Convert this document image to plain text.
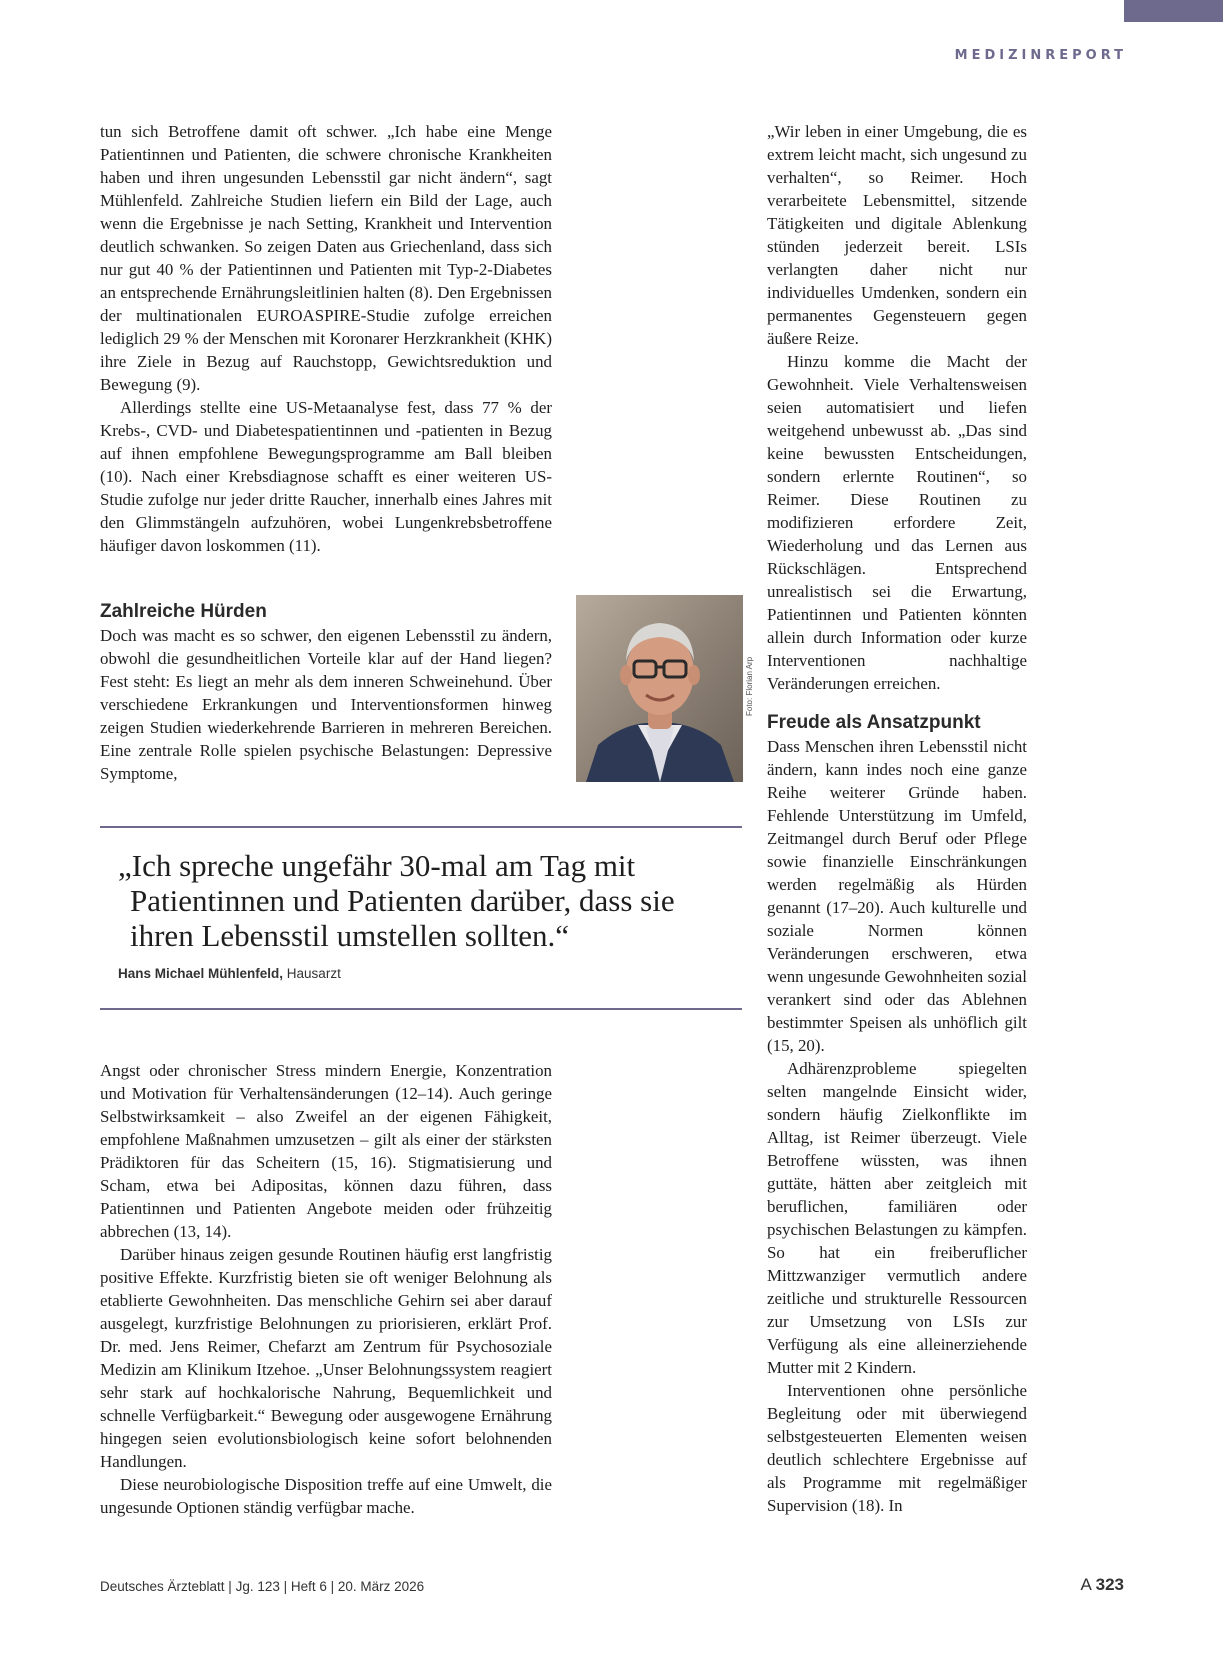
MEDIZINREPORT

tun sich Betroffene damit oft schwer. „Ich habe eine Menge Patientinnen und Patienten, die schwere chronische Krankheiten haben und ihren ungesunden Lebensstil gar nicht ändern“, sagt Mühlenfeld. Zahlreiche Studien liefern ein Bild der Lage, auch wenn die Ergebnisse je nach Setting, Krankheit und Intervention deutlich schwanken. So zeigen Daten aus Griechenland, dass sich nur gut 40 % der Patientinnen und Patienten mit Typ-2-Diabetes an entsprechende Ernährungsleitlinien halten (8). Den Ergebnissen der multinationalen EUROASPIRE-Studie zufolge erreichen lediglich 29 % der Menschen mit Koronarer Herzkrankheit (KHK) ihre Ziele in Bezug auf Rauchstopp, Gewichtsreduktion und Bewegung (9).

Allerdings stellte eine US-Metaanalyse fest, dass 77 % der Krebs-, CVD- und Diabetespatientinnen und -patienten in Bezug auf ihnen empfohlene Bewegungsprogramme am Ball bleiben (10). Nach einer Krebsdiagnose schafft es einer weiteren US-Studie zufolge nur jeder dritte Raucher, innerhalb eines Jahres mit den Glimmstängeln aufzuhören, wobei Lungenkrebsbetroffene häufiger davon loskommen (11).

Zahlreiche Hürden

Doch was macht es so schwer, den eigenen Lebensstil zu ändern, obwohl die gesundheitlichen Vorteile klar auf der Hand liegen? Fest steht: Es liegt an mehr als dem inneren Schweinehund. Über verschiedene Erkrankungen und Interventionsformen hinweg zeigen Studien wiederkehrende Barrieren in mehreren Bereichen. Eine zentrale Rolle spielen psychische Belastungen: Depressive Symptome,

Foto: Florian Arp
„Ich spreche ungefähr 30-mal am Tag mit Patientinnen und Patienten darüber, dass sie ihren Lebensstil umstellen sollten.“
Hans Michael Mühlenfeld, Hausarzt

Angst oder chronischer Stress mindern Energie, Konzentration und Motivation für Verhaltensänderungen (12–14). Auch geringe Selbstwirksamkeit – also Zweifel an der eigenen Fähigkeit, empfohlene Maßnahmen umzusetzen – gilt als einer der stärksten Prädiktoren für das Scheitern (15, 16). Stigmatisierung und Scham, etwa bei Adipositas, können dazu führen, dass Patientinnen und Patienten Angebote meiden oder frühzeitig abbrechen (13, 14).

Darüber hinaus zeigen gesunde Routinen häufig erst langfristig positive Effekte. Kurzfristig bieten sie oft weniger Belohnung als etablierte Gewohnheiten. Das menschliche Gehirn sei aber darauf ausgelegt, kurzfristige Belohnungen zu priorisieren, erklärt Prof. Dr. med. Jens Reimer, Chefarzt am Zentrum für Psychosoziale Medizin am Klinikum Itzehoe. „Unser Belohnungssystem reagiert sehr stark auf hochkalorische Nahrung, Bequemlichkeit und schnelle Verfügbarkeit.“ Bewegung oder ausgewogene Ernährung hingegen seien evolutionsbiologisch keine sofort belohnenden Handlungen.

Diese neurobiologische Disposition treffe auf eine Umwelt, die ungesunde Optionen ständig verfügbar mache.

„Wir leben in einer Umgebung, die es extrem leicht macht, sich ungesund zu verhalten“, so Reimer. Hoch verarbeitete Lebensmittel, sitzende Tätigkeiten und digitale Ablenkung stünden jederzeit bereit. LSIs verlangten daher nicht nur individuelles Umdenken, sondern ein permanentes Gegensteuern gegen äußere Reize.

Hinzu komme die Macht der Gewohnheit. Viele Verhaltensweisen seien automatisiert und liefen weitgehend unbewusst ab. „Das sind keine bewussten Entscheidungen, sondern erlernte Routinen“, so Reimer. Diese Routinen zu modifizieren erfordere Zeit, Wiederholung und das Lernen aus Rückschlägen. Entsprechend unrealistisch sei die Erwartung, Patientinnen und Patienten könnten allein durch Information oder kurze Interventionen nachhaltige Veränderungen erreichen.

Freude als Ansatzpunkt

Dass Menschen ihren Lebensstil nicht ändern, kann indes noch eine ganze Reihe weiterer Gründe haben. Fehlende Unterstützung im Umfeld, Zeitmangel durch Beruf oder Pflege sowie finanzielle Einschränkungen werden regelmäßig als Hürden genannt (17–20). Auch kulturelle und soziale Normen können Veränderungen erschweren, etwa wenn ungesunde Gewohnheiten sozial verankert sind oder das Ablehnen bestimmter Speisen als unhöflich gilt (15, 20).

Adhärenzprobleme spiegelten selten mangelnde Einsicht wider, sondern häufig Zielkonflikte im Alltag, ist Reimer überzeugt. Viele Betroffene wüssten, was ihnen guttäte, hätten aber zeitgleich mit beruflichen, familiären oder psychischen Belastungen zu kämpfen. So hat ein freiberuflicher Mittzwanziger vermutlich andere zeitliche und strukturelle Ressourcen zur Umsetzung von LSIs zur Verfügung als eine alleinerziehende Mutter mit 2 Kindern.

Interventionen ohne persönliche Begleitung oder mit überwiegend selbstgesteuerten Elementen weisen deutlich schlechtere Ergebnisse auf als Programme mit regelmäßiger Supervision (18). In

Deutsches Ärzteblatt | Jg. 123 | Heft 6 | 20. März 2026	A 323
